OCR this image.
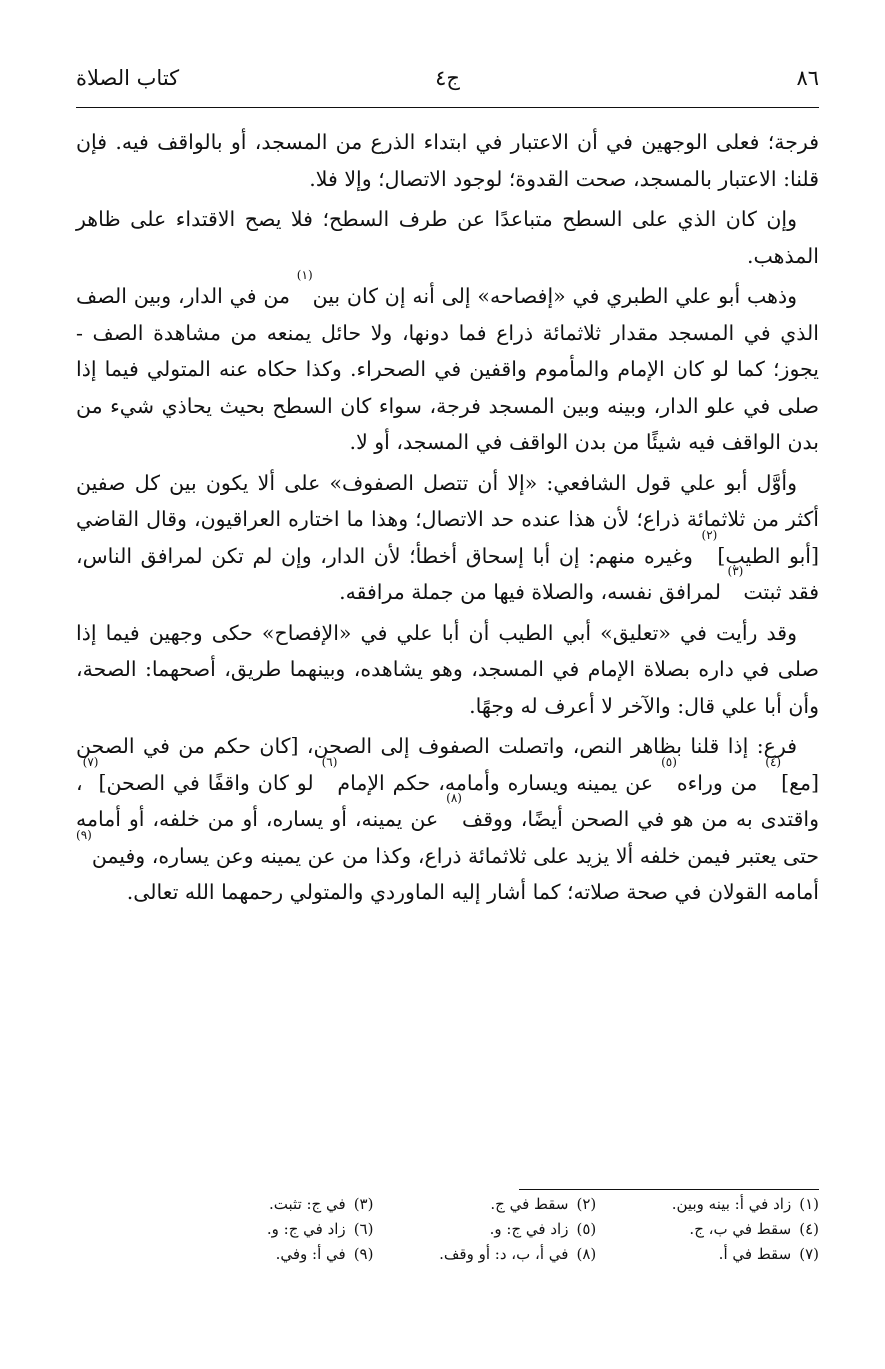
٨٦
ج٤
كتاب الصلاة

فرجة؛ فعلى الوجهين في أن الاعتبار في ابتداء الذرع من المسجد، أو بالواقف فيه. فإن قلنا: الاعتبار بالمسجد، صحت القدوة؛ لوجود الاتصال؛ وإلا فلا.

وإن كان الذي على السطح متباعدًا عن طرف السطح؛ فلا يصح الاقتداء على ظاهر المذهب.

وذهب أبو علي الطبري في «إفصاحه» إلى أنه إن كان بين$^{(١)}$ من في الدار، وبين الصف الذي في المسجد مقدار ثلاثمائة ذراع فما دونها، ولا حائل يمنعه من مشاهدة الصف - يجوز؛ كما لو كان الإمام والمأموم واقفين في الصحراء. وكذا حكاه عنه المتولي فيما إذا صلى في علو الدار، وبينه وبين المسجد فرجة، سواء كان السطح بحيث يحاذي شيء من بدن الواقف فيه شيئًا من بدن الواقف في المسجد، أو لا.

وأوَّل أبو علي قول الشافعي: «إلا أن تتصل الصفوف» على ألا يكون بين كل صفين أكثر من ثلاثمائة ذراع؛ لأن هذا عنده حد الاتصال؛ وهذا ما اختاره العراقيون، وقال القاضي [أبو الطيب]$^{(٢)}$ وغيره منهم: إن أبا إسحاق أخطأ؛ لأن الدار، وإن لم تكن لمرافق الناس، فقد ثبتت$^{(٣)}$ لمرافق نفسه، والصلاة فيها من جملة مرافقه.

وقد رأيت في «تعليق» أبي الطيب أن أبا علي في «الإفصاح» حكى وجهين فيما إذا صلى في داره بصلاة الإمام في المسجد، وهو يشاهده، وبينهما طريق، أصحهما: الصحة، وأن أبا علي قال: والآخر لا أعرف له وجهًا.

فرع: إذا قلنا بظاهر النص، واتصلت الصفوف إلى الصحن، [كان حكم من في الصحن [مع]$^{(٤)}$ من وراءه$^{(٥)}$ عن يمينه ويساره وأمامه، حكم الإمام$^{(٦)}$ لو كان واقفًا في الصحن]$^{(٧)}$، واقتدى به من هو في الصحن أيضًا، ووقف$^{(٨)}$ عن يمينه، أو يساره، أو من خلفه، أو أمامه حتى يعتبر فيمن خلفه ألا يزيد على ثلاثمائة ذراع، وكذا من عن يمينه وعن يساره، وفيمن$^{(٩)}$ أمامه القولان في صحة صلاته؛ كما أشار إليه الماوردي والمتولي رحمهما الله تعالى.

(١)زاد في أ: بينه وبين.
(٢)سقط في ج.
(٣)في ج: تثبت.
(٤)سقط في ب، ج.
(٥)زاد في ج: و.
(٦)زاد في ج: و.
(٧)سقط في أ.
(٨)في أ، ب، د: أو وقف.
(٩)في أ: وفي.
